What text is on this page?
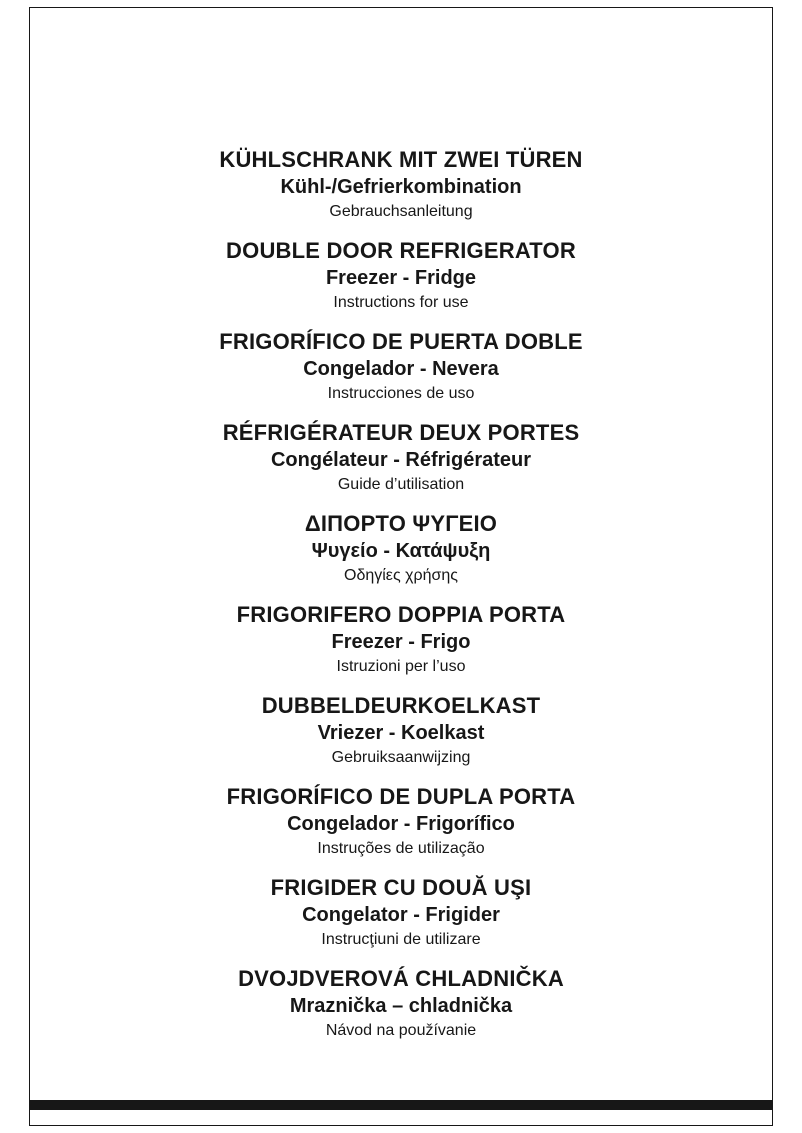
KÜHLSCHRANK MIT ZWEI TÜREN
Kühl-/Gefrierkombination
Gebrauchsanleitung
DOUBLE DOOR REFRIGERATOR
Freezer - Fridge
Instructions for use
FRIGORÍFICO DE PUERTA DOBLE
Congelador - Nevera
Instrucciones de uso
RÉFRIGÉRATEUR DEUX PORTES
Congélateur - Réfrigérateur
Guide d’utilisation
ΔΙΠΟΡΤΟ ΨΥΓΕΙΟ
Ψυγείο - Κατάψυξη
Οδηγίες χρήσης
FRIGORIFERO DOPPIA PORTA
Freezer - Frigo
Istruzioni per l’uso
DUBBELDEURKOELKAST
Vriezer - Koelkast
Gebruiksaanwijzing
FRIGORÍFICO DE DUPLA PORTA
Congelador - Frigorífico
Instruções de utilização
FRIGIDER CU DOUĂ UŞI
Congelator - Frigider
Instrucţiuni de utilizare
DVOJDVEROVÁ CHLADNIČKA
Mraznička – chladnička
Návod na používanie
